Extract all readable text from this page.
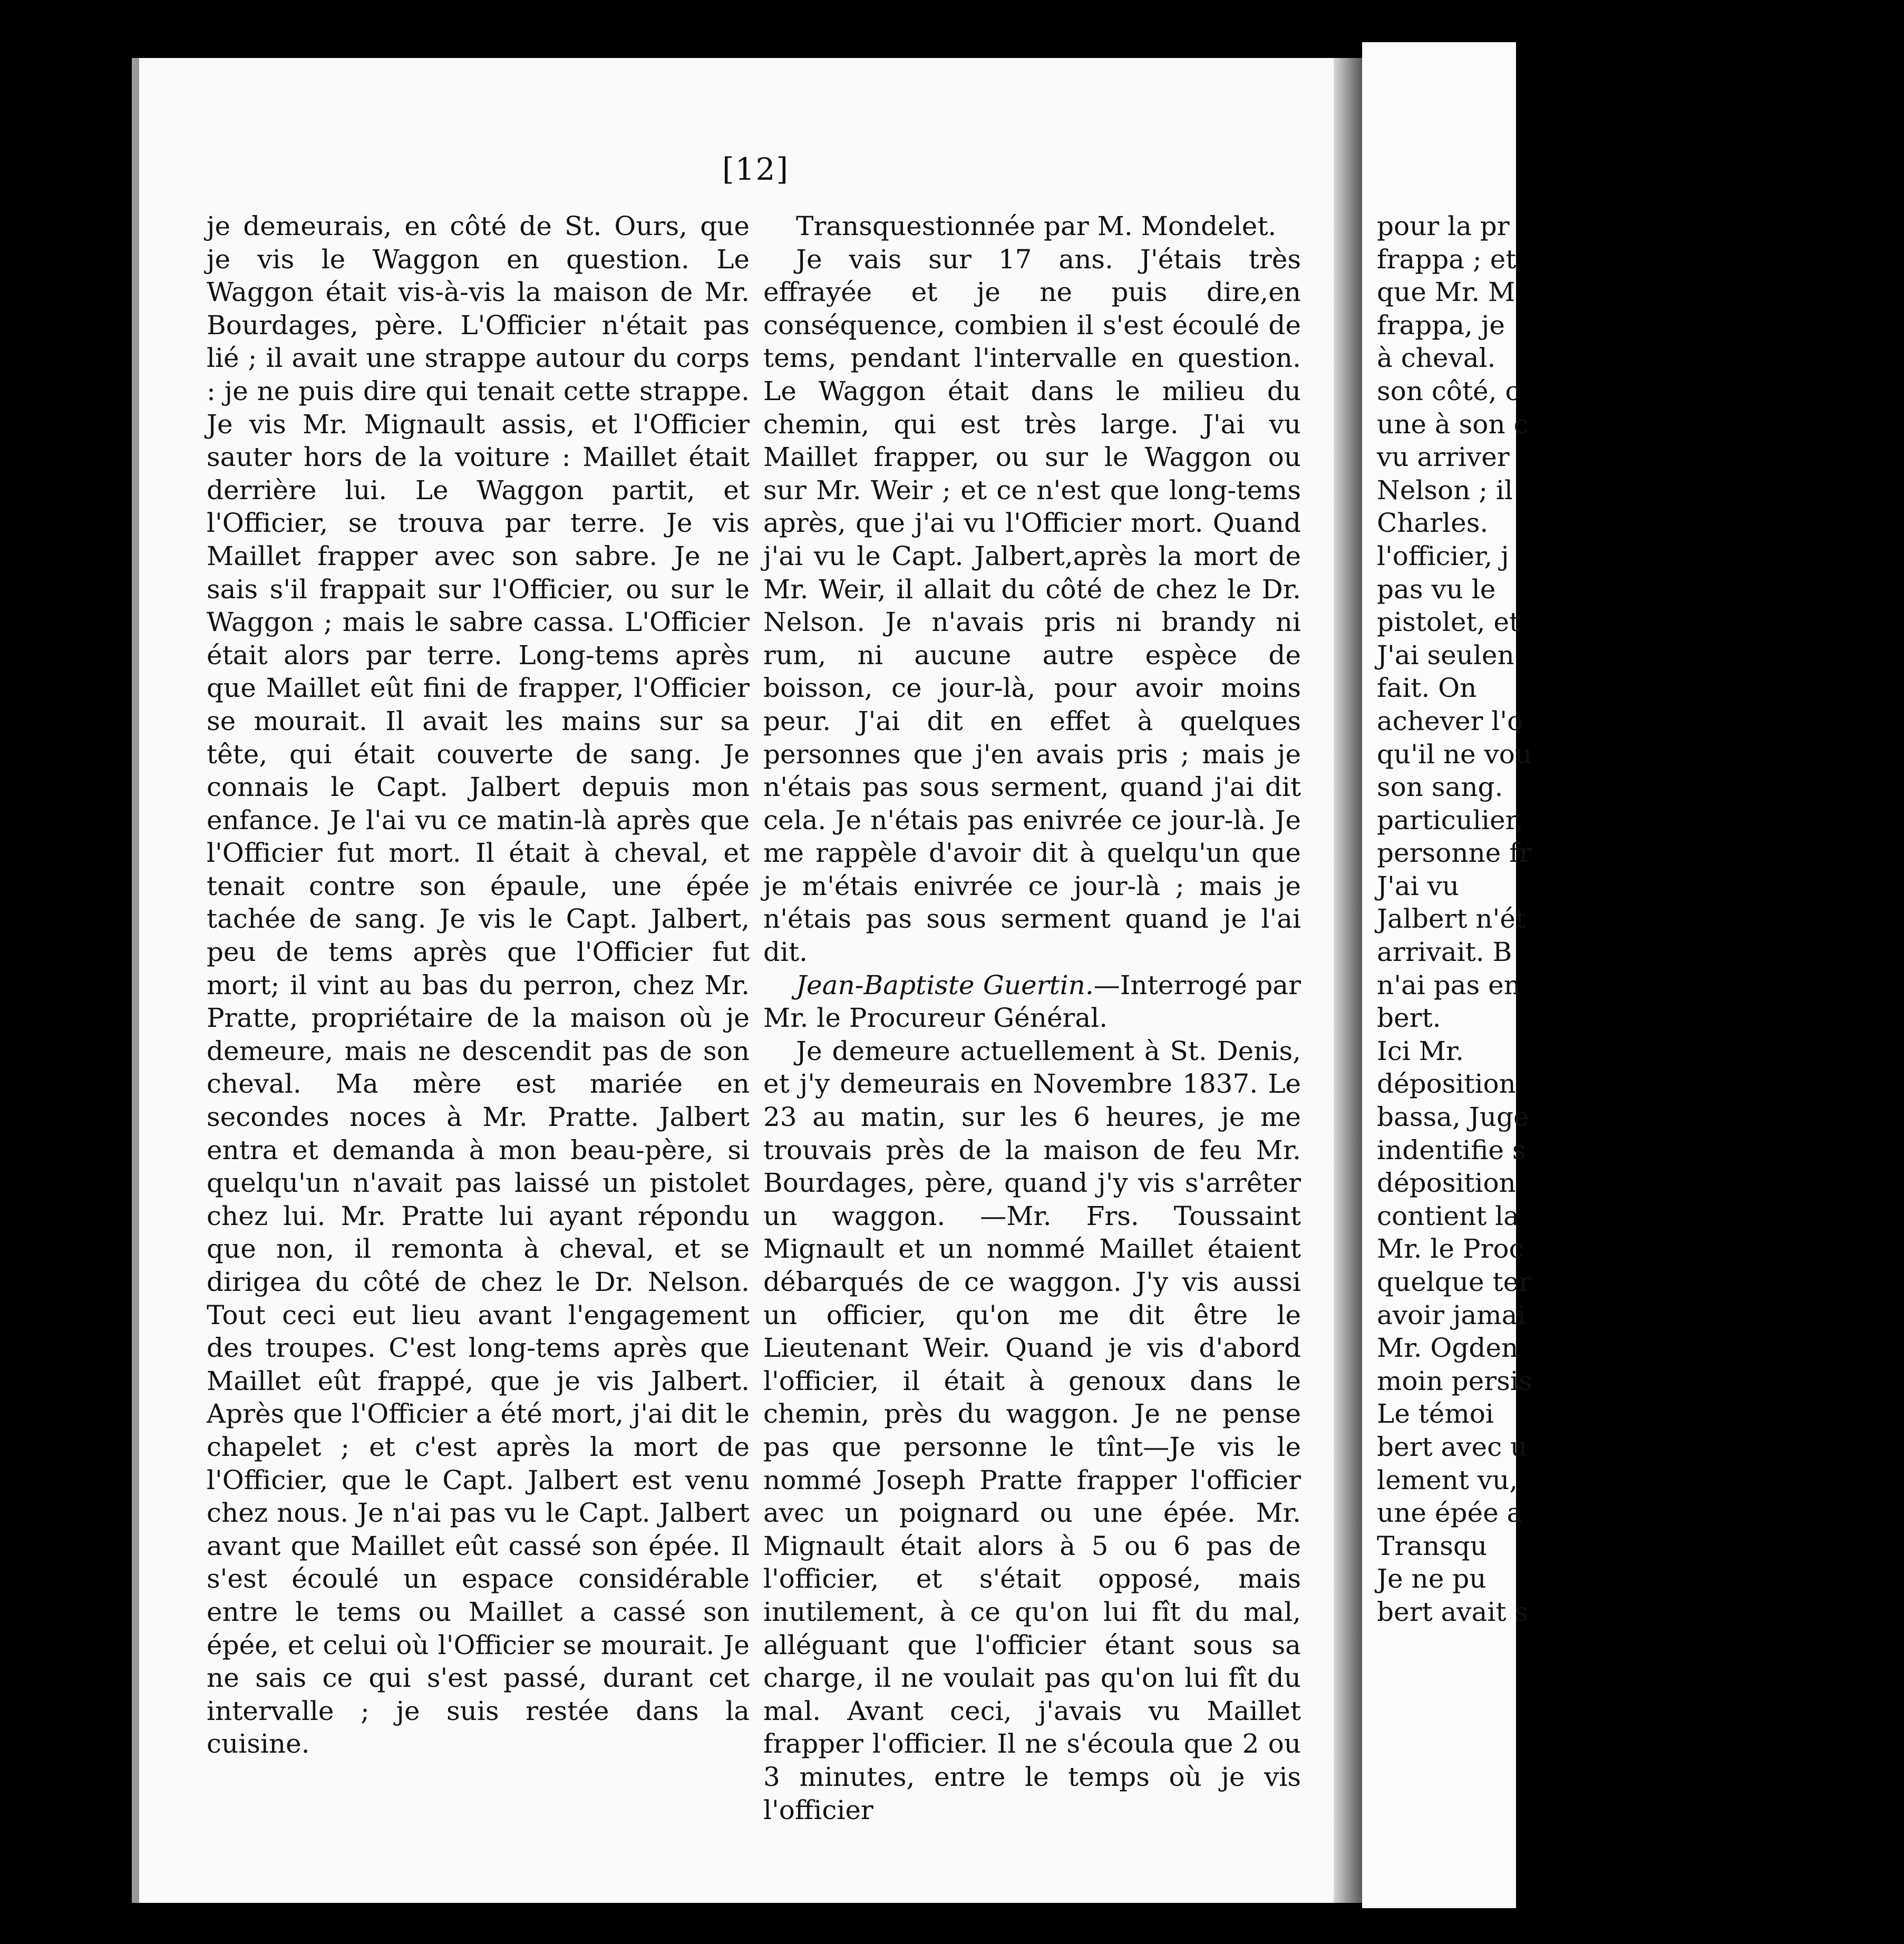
[12]

je demeurais, en côté de St. Ours, que je vis le Waggon en question. Le Waggon était vis-à-vis la maison de Mr. Bourdages, père. L'Officier n'était pas lié ; il avait une strappe autour du corps : je ne puis dire qui tenait cette strappe. Je vis Mr. Mignault assis, et l'Officier sauter hors de la voiture : Maillet était derrière lui. Le Waggon partit, et l'Officier, se trouva par terre. Je vis Maillet frapper avec son sabre. Je ne sais s'il frappait sur l'Officier, ou sur le Waggon ; mais le sabre cassa. L'Officier était alors par terre. Long-tems après que Maillet eût fini de frapper, l'Officier se mourait. Il avait les mains sur sa tête, qui était couverte de sang. Je connais le Capt. Jalbert depuis mon enfance. Je l'ai vu ce matin-là après que l'Officier fut mort. Il était à cheval, et tenait contre son épaule, une épée tachée de sang. Je vis le Capt. Jalbert, peu de tems après que l'Officier fut mort; il vint au bas du perron, chez Mr. Pratte, propriétaire de la maison où je demeure, mais ne descendit pas de son cheval. Ma mère est mariée en secondes noces à Mr. Pratte. Jalbert entra et demanda à mon beau-père, si quelqu'un n'avait pas laissé un pistolet chez lui. Mr. Pratte lui ayant répondu que non, il remonta à cheval, et se dirigea du côté de chez le Dr. Nelson. Tout ceci eut lieu avant l'engagement des troupes. C'est long-tems après que Maillet eût frappé, que je vis Jalbert. Après que l'Officier a été mort, j'ai dit le chapelet ; et c'est après la mort de l'Officier, que le Capt. Jalbert est venu chez nous. Je n'ai pas vu le Capt. Jalbert avant que Maillet eût cassé son épée. Il s'est écoulé un espace considérable entre le tems ou Maillet a cassé son épée, et celui où l'Officier se mourait. Je ne sais ce qui s'est passé, durant cet intervalle ; je suis restée dans la cuisine.

Transquestionnée par M. Mondelet.

Je vais sur 17 ans. J'étais très effrayée et je ne puis dire,en conséquence, combien il s'est écoulé de tems, pendant l'intervalle en question. Le Waggon était dans le milieu du chemin, qui est très large. J'ai vu Maillet frapper, ou sur le Waggon ou sur Mr. Weir ; et ce n'est que long-tems après, que j'ai vu l'Officier mort. Quand j'ai vu le Capt. Jalbert,après la mort de Mr. Weir, il allait du côté de chez le Dr. Nelson. Je n'avais pris ni brandy ni rum, ni aucune autre espèce de boisson, ce jour-là, pour avoir moins peur. J'ai dit en effet à quelques personnes que j'en avais pris ; mais je n'étais pas sous serment, quand j'ai dit cela. Je n'étais pas enivrée ce jour-là. Je me rappèle d'avoir dit à quelqu'un que je m'étais enivrée ce jour-là ; mais je n'étais pas sous serment quand je l'ai dit.

Jean-Baptiste Guertin.—Interrogé par Mr. le Procureur Général.

Je demeure actuellement à St. Denis, et j'y demeurais en Novembre 1837. Le 23 au matin, sur les 6 heures, je me trouvais près de la maison de feu Mr. Bourdages, père, quand j'y vis s'arrêter un waggon. —Mr. Frs. Toussaint Mignault et un nommé Maillet étaient débarqués de ce waggon. J'y vis aussi un officier, qu'on me dit être le Lieutenant Weir. Quand je vis d'abord l'officier, il était à genoux dans le chemin, près du waggon. Je ne pense pas que personne le tînt—Je vis le nommé Joseph Pratte frapper l'officier avec un poignard ou une épée. Mr. Mignault était alors à 5 ou 6 pas de l'officier, et s'était opposé, mais inutilement, à ce qu'on lui fît du mal, alléguant que l'officier étant sous sa charge, il ne voulait pas qu'on lui fît du mal. Avant ceci, j'avais vu Maillet frapper l'officier. Il ne s'écoula que 2 ou 3 minutes, entre le temps où je vis l'officier

pour la pr
frappa ; et
que Mr. M
frappa, je
à cheval.
son côté, c
une à son c
vu arriver
Nelson ; il
Charles.
l'officier, j
pas vu le
pistolet, et
J'ai seulen
fait. On
achever l'o
qu'il ne vou
son sang.
particulier,
personne fr
J'ai vu
Jalbert n'ét
arrivait. B
n'ai pas en
bert.
Ici Mr.
déposition
bassa, Juge
indentifie s
déposition
contient la
Mr. le Proc
quelque ter
avoir jamai
Mr. Ogden
moin persis
Le témoi
bert avec u
lement vu,
une épée a
Transqu
Je ne pu
bert avait s
